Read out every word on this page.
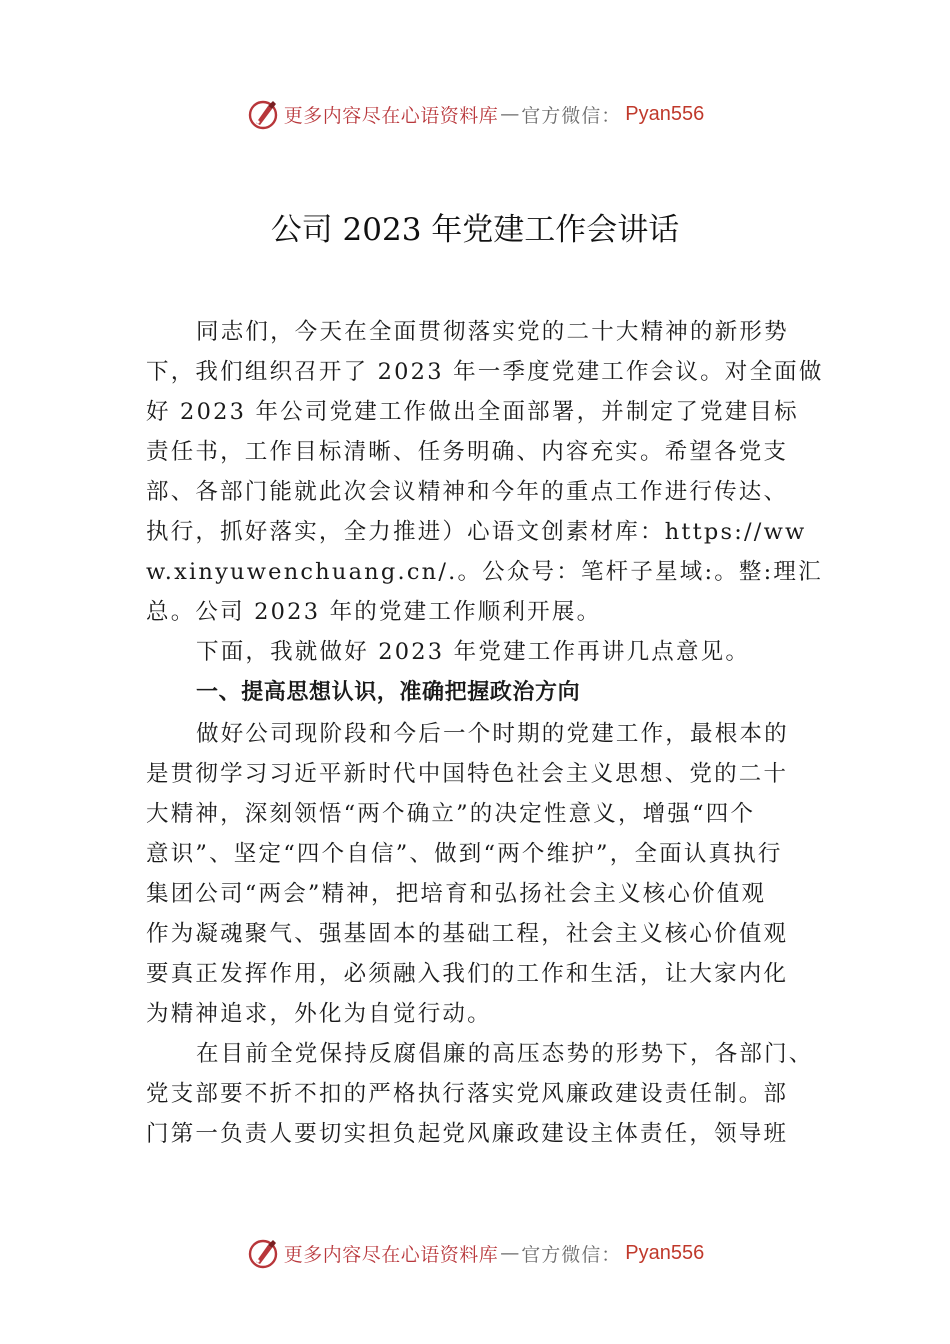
更多内容尽在心语资料库 — 官方微信： Pyan556
公司 2023 年党建工作会讲话
同志们，今天在全面贯彻落实党的二十大精神的新形势
下，我们组织召开了 2023 年一季度党建工作会议。对全面做
好 2023 年公司党建工作做出全面部署，并制定了党建目标
责任书，工作目标清晰、任务明确、内容充实。希望各党支
部、各部门能就此次会议精神和今年的重点工作进行传达、
执行，抓好落实，全力推进）心语文创素材库：https://ww
w.xinyuwenchuang.cn/.。公众号：笔杆子星域:。整:理汇
总。公司 2023 年的党建工作顺利开展。
下面，我就做好 2023 年党建工作再讲几点意见。
一、提高思想认识，准确把握政治方向
做好公司现阶段和今后一个时期的党建工作，最根本的
是贯彻学习习近平新时代中国特色社会主义思想、党的二十
大精神，深刻领悟“两个确立”的决定性意义，增强“四个
意识”、坚定“四个自信”、做到“两个维护”，全面认真执行
集团公司“两会”精神，把培育和弘扬社会主义核心价值观
作为凝魂聚气、强基固本的基础工程，社会主义核心价值观
要真正发挥作用，必须融入我们的工作和生活，让大家内化
为精神追求，外化为自觉行动。
在目前全党保持反腐倡廉的高压态势的形势下，各部门、
党支部要不折不扣的严格执行落实党风廉政建设责任制。部
门第一负责人要切实担负起党风廉政建设主体责任，领导班
更多内容尽在心语资料库 — 官方微信： Pyan556
